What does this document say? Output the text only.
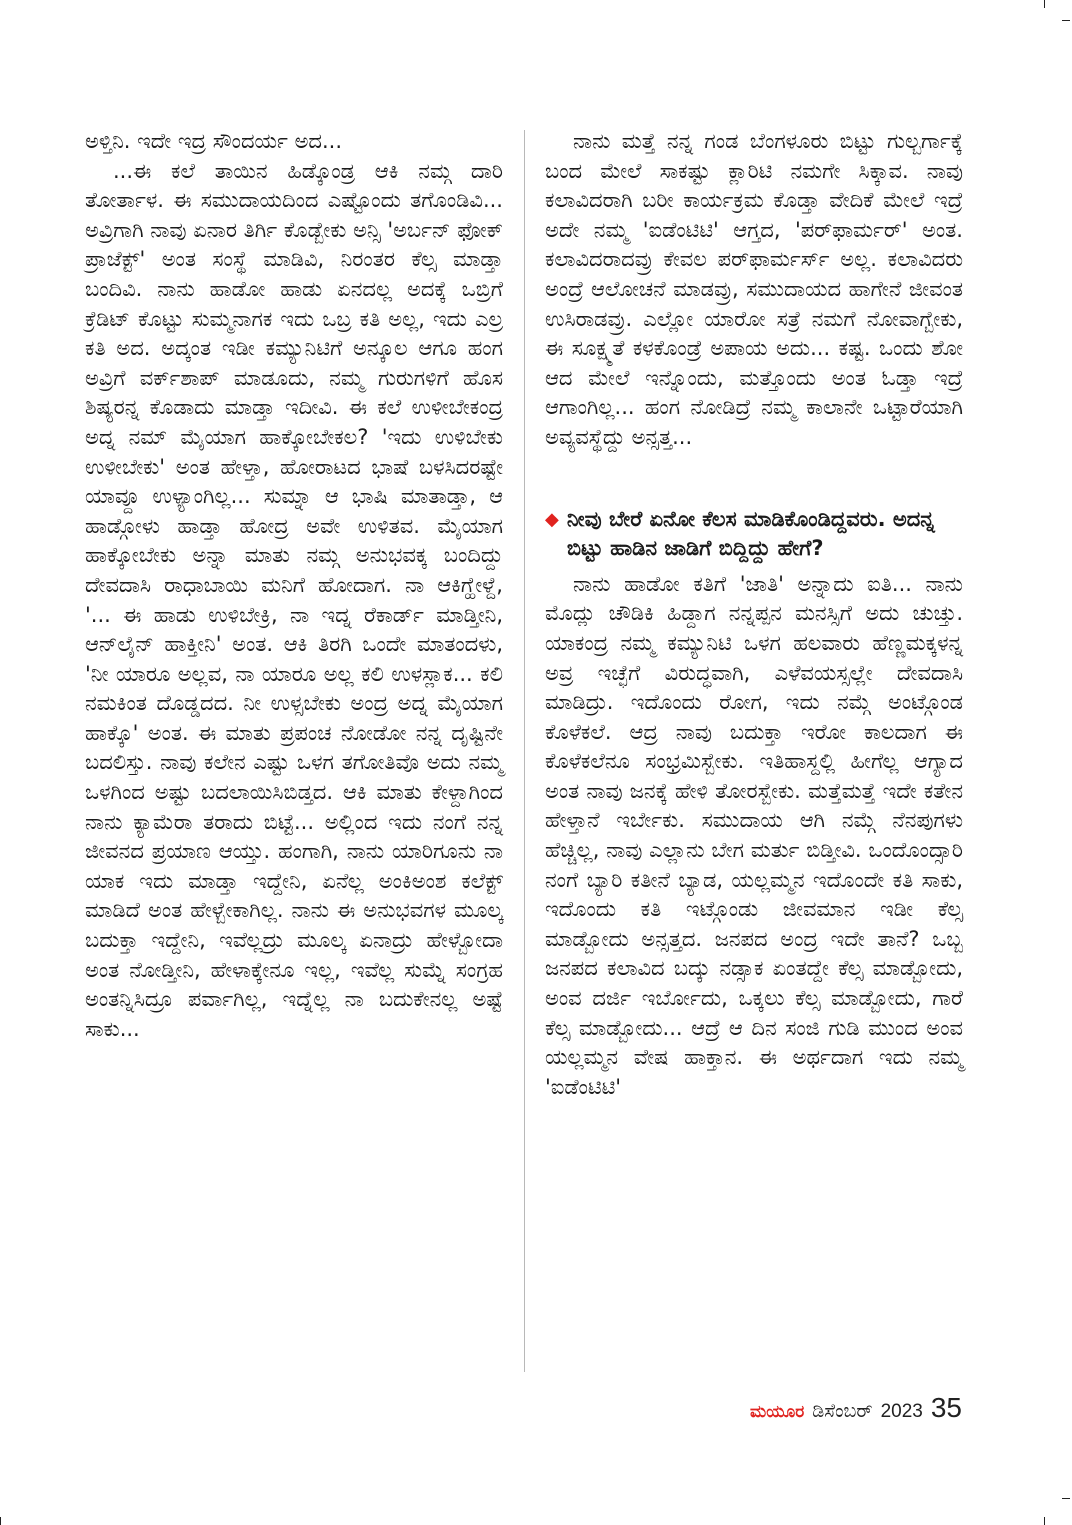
ಅಳ್ತಿನಿ. ಇದೇ ಇದ್ರ ಸೌಂದರ್ಯ ಅದ...

...ಈ ಕಲೆ ತಾಯಿನ ಹಿಡ್ಕೊಂಡ್ರ ಆಕಿ ನಮ್ಗ ದಾರಿ ತೋರ್ತಾಳ. ಈ ಸಮುದಾಯದಿಂದ ಎಷ್ಟೊಂದು ತಗೊಂಡಿವಿ... ಅವ್ರಿಗಾಗಿ ನಾವು ಏನಾರ ತಿರ್ಗಿ ಕೊಡ್ಬೇಕು ಅನ್ಸಿ 'ಅರ್ಬನ್ ಫೋಕ್ ಪ್ರಾಜೆಕ್ಟ್' ಅಂತ ಸಂಸ್ಥೆ ಮಾಡಿವಿ, ನಿರಂತರ ಕೆಲ್ಸ ಮಾಡ್ತಾ ಬಂದಿವಿ. ನಾನು ಹಾಡೋ ಹಾಡು ಏನದಲ್ಲ ಅದಕ್ಕೆ ಒಬ್ರಿಗೆ ಕ್ರೆಡಿಟ್ ಕೊಟ್ಟು ಸುಮ್ಮನಾಗಕ ಇದು ಒಬ್ರ ಕತಿ ಅಲ್ಲ, ಇದು ಎಲ್ರ ಕತಿ ಅದ. ಅದ್ಕಂತ ಇಡೀ ಕಮ್ಯುನಿಟಿಗೆ ಅನ್ಕೂಲ ಆಗೂ ಹಂಗ ಅವ್ರಿಗೆ ವರ್ಕ್‌ಶಾಪ್ ಮಾಡೂದು, ನಮ್ಮ ಗುರುಗಳಿಗೆ ಹೊಸ ಶಿಷ್ಯರನ್ನ ಕೊಡಾದು ಮಾಡ್ತಾ ಇದೀವಿ. ಈ ಕಲೆ ಉಳೀಬೇಕಂದ್ರ ಅದ್ನ ನಮ್ ಮೈಯಾಗ ಹಾಕ್ಕೋಬೇಕಲ? 'ಇದು ಉಳಿಬೇಕು ಉಳೀಬೇಕು' ಅಂತ ಹೇಳ್ತಾ, ಹೋರಾಟದ ಭಾಷೆ ಬಳಸಿದರಷ್ಟೇ ಯಾವ್ದೂ ಉಳ್ಯಾಂಗಿಲ್ಲ... ಸುಮ್ನಾ ಆ ಭಾಷಿ ಮಾತಾಡ್ತಾ, ಆ ಹಾಡ್ಗೋಳು ಹಾಡ್ತಾ ಹೋದ್ರ ಅವೇ ಉಳಿತವ. ಮೈಯಾಗ ಹಾಕ್ಕೋಬೇಕು ಅನ್ನಾ ಮಾತು ನಮ್ಗ ಅನುಭವಕ್ಕ ಬಂದಿದ್ದು ದೇವದಾಸಿ ರಾಧಾಬಾಯಿ ಮನಿಗೆ ಹೋದಾಗ. ನಾ ಆಕಿಗ್ಹೇಳ್ದೆ, '... ಈ ಹಾಡು ಉಳಿಬೇಕ್ರಿ, ನಾ ಇದ್ನ ರೆಕಾರ್ಡ್ ಮಾಡ್ತೀನಿ, ಆನ್‌ಲೈನ್ ಹಾಕ್ತೀನಿ' ಅಂತ. ಆಕಿ ತಿರಗಿ ಒಂದೇ ಮಾತಂದಳು, 'ನೀ ಯಾರೂ ಅಲ್ಲವ, ನಾ ಯಾರೂ ಅಲ್ಲ ಕಲಿ ಉಳಸ್ಲಾಕ... ಕಲಿ ನಮಕಿಂತ ದೊಡ್ಡದದ. ನೀ ಉಳ್ಸಬೇಕು ಅಂದ್ರ ಅದ್ನ ಮೈಯಾಗ ಹಾಕ್ಕೊ' ಅಂತ. ಈ ಮಾತು ಪ್ರಪಂಚ ನೋಡೋ ನನ್ನ ದೃಷ್ಟಿನೇ ಬದಲಿಸ್ತು. ನಾವು ಕಲೇನ ಎಷ್ಟು ಒಳಗ ತಗೋತಿವೊ ಅದು ನಮ್ಮ ಒಳಗಿಂದ ಅಷ್ಟು ಬದಲಾಯಿಸಿಬಿಡ್ತದ. ಆಕಿ ಮಾತು ಕೇಳ್ದಾಗಿಂದ ನಾನು ಕ್ಯಾಮೆರಾ ತರಾದು ಬಿಟ್ಟೆ... ಅಲ್ಲಿಂದ ಇದು ನಂಗೆ ನನ್ನ ಜೀವನದ ಪ್ರಯಾಣ ಆಯ್ತು. ಹಂಗಾಗಿ, ನಾನು ಯಾರಿಗೂನು ನಾ ಯಾಕ ಇದು ಮಾಡ್ತಾ ಇದ್ದೇನಿ, ಏನೆಲ್ಲ ಅಂಕಿಅಂಶ ಕಲೆಕ್ಟ್ ಮಾಡಿದೆ ಅಂತ ಹೇಳ್ಬೇಕಾಗಿಲ್ಲ. ನಾನು ಈ ಅನುಭವಗಳ ಮೂಲ್ಕ ಬದುಕ್ತಾ ಇದ್ದೇನಿ, ಇವೆಲ್ಲದ್ರು ಮೂಲ್ಕ ಏನಾದ್ರು ಹೇಳ್ಬೋದಾ ಅಂತ ನೋಡ್ತೀನಿ, ಹೇಳಾಕ್ಕೇನೂ ಇಲ್ಲ, ಇವೆಲ್ಲ ಸುಮ್ನೆ ಸಂಗ್ರಹ ಅಂತನ್ನಿಸಿದ್ರೂ ಪರ್ವಾಗಿಲ್ಲ, ಇದ್ನೆಲ್ಲ ನಾ ಬದುಕೇನಲ್ಲ ಅಷ್ಟೆ ಸಾಕು...

ನಾನು ಮತ್ತೆ ನನ್ನ ಗಂಡ ಬೆಂಗಳೂರು ಬಿಟ್ಟು ಗುಲ್ಬರ್ಗಾಕ್ಕೆ ಬಂದ ಮೇಲೆ ಸಾಕಷ್ಟು ಕ್ಲಾರಿಟಿ ನಮಗೇ ಸಿಕ್ಕಾವ. ನಾವು ಕಲಾವಿದರಾಗಿ ಬರೀ ಕಾರ್ಯಕ್ರಮ ಕೊಡ್ತಾ ವೇದಿಕೆ ಮೇಲೆ ಇದ್ರೆ ಅದೇ ನಮ್ಮ 'ಐಡೆಂಟಿಟಿ' ಆಗ್ತದ, 'ಪರ್‌ಫಾರ್ಮರ್' ಅಂತ. ಕಲಾವಿದರಾದವ್ರು ಕೇವಲ ಪರ್‌ಫಾರ್ಮರ್ಸ್ ಅಲ್ಲ. ಕಲಾವಿದರು ಅಂದ್ರೆ ಆಲೋಚನೆ ಮಾಡವ್ರು, ಸಮುದಾಯದ ಹಾಗೇನೆ ಜೀವಂತ ಉಸಿರಾಡವ್ರು. ಎಲ್ಲೋ ಯಾರೋ ಸತ್ರೆ ನಮಗೆ ನೋವಾಗ್ಬೇಕು, ಈ ಸೂಕ್ಷ್ಮತೆ ಕಳಕೊಂಡ್ರೆ ಅಪಾಯ ಅದು... ಕಷ್ಟ. ಒಂದು ಶೋ ಆದ ಮೇಲೆ ಇನ್ನೊಂದು, ಮತ್ತೊಂದು ಅಂತ ಓಡ್ತಾ ಇದ್ರೆ ಆಗಾಂಗಿಲ್ಲ... ಹಂಗ ನೋಡಿದ್ರೆ ನಮ್ಮ ಕಾಲಾನೇ ಒಟ್ಟಾರೆಯಾಗಿ ಅವ್ಯವಸ್ಥೆದ್ದು ಅನ್ಸತ್ತ...

◆ ನೀವು ಬೇರೆ ಏನೋ ಕೆಲಸ ಮಾಡಿಕೊಂಡಿದ್ದವರು. ಅದನ್ನ ಬಿಟ್ಟು ಹಾಡಿನ ಜಾಡಿಗೆ ಬಿದ್ದಿದ್ದು ಹೇಗೆ?

ನಾನು ಹಾಡೋ ಕತಿಗೆ 'ಜಾತಿ' ಅನ್ನಾದು ಐತಿ... ನಾನು ಮೊದ್ಲು ಚೌಡಿಕಿ ಹಿಡ್ದಾಗ ನನ್ನಪ್ಪನ ಮನಸ್ಸಿಗೆ ಅದು ಚುಚ್ತು. ಯಾಕಂದ್ರ ನಮ್ಮ ಕಮ್ಯುನಿಟಿ ಒಳಗ ಹಲವಾರು ಹೆಣ್ಣಮಕ್ಕಳನ್ನ ಅವ್ರ ಇಚ್ಛೆಗೆ ವಿರುದ್ಧವಾಗಿ, ಎಳೆವಯಸ್ಸಲ್ಲೇ ದೇವದಾಸಿ ಮಾಡಿದ್ರು. ಇದೊಂದು ರೋಗ, ಇದು ನಮ್ಗೆ ಅಂಟ್ಗೊಂಡ ಕೊಳೆಕಲೆ. ಆದ್ರ ನಾವು ಬದುಕ್ತಾ ಇರೋ ಕಾಲದಾಗ ಈ ಕೊಳೆಕಲೆನೂ ಸಂಭ್ರಮಿಸ್ಬೇಕು. ಇತಿಹಾಸ್ದಲ್ಲಿ ಹೀಗೆಲ್ಲ ಆಗ್ಯಾದ ಅಂತ ನಾವು ಜನಕ್ಕೆ ಹೇಳಿ ತೋರಸ್ಬೇಕು. ಮತ್ತೆಮತ್ತೆ ಇದೇ ಕತೇನ ಹೇಳ್ತಾನೆ ಇರ್ಬೇಕು. ಸಮುದಾಯ ಆಗಿ ನಮ್ಗೆ ನೆನಪುಗಳು ಹೆಚ್ಚಿಲ್ಲ, ನಾವು ಎಲ್ಲಾನು ಬೇಗ ಮರ್ತು ಬಿಡ್ತೀವಿ. ಒಂದೊಂದ್ಸಾರಿ ನಂಗೆ ಬ್ಯಾರಿ ಕತೀನೆ ಬ್ಯಾಡ, ಯಲ್ಲಮ್ಮನ ಇದೊಂದೇ ಕತಿ ಸಾಕು, ಇದೊಂದು ಕತಿ ಇಟ್ಗೊಂಡು ಜೀವಮಾನ ಇಡೀ ಕೆಲ್ಸ ಮಾಡ್ಬೋದು ಅನ್ಸತ್ತದ. ಜನಪದ ಅಂದ್ರ ಇದೇ ತಾನೆ? ಒಬ್ಬ ಜನಪದ ಕಲಾವಿದ ಬದ್ಕು ನಡ್ಸಾಕ ಏಂತದ್ದೇ ಕೆಲ್ಸ ಮಾಡ್ಬೋದು, ಅಂವ ದರ್ಜಿ ಇರ್ಬೋದು, ಒಕ್ಕಲು ಕೆಲ್ಸ ಮಾಡ್ಬೋದು, ಗಾರೆ ಕೆಲ್ಸ ಮಾಡ್ಬೋದು... ಆದ್ರೆ ಆ ದಿನ ಸಂಜಿ ಗುಡಿ ಮುಂದ ಅಂವ ಯಲ್ಲಮ್ಮನ ವೇಷ ಹಾಕ್ತಾನ. ಈ ಅರ್ಥದಾಗ ಇದು ನಮ್ಮ 'ಐಡೆಂಟಿಟಿ'

ಮಯೂರ ಡಿಸೆಂಬರ್ 2023 35
